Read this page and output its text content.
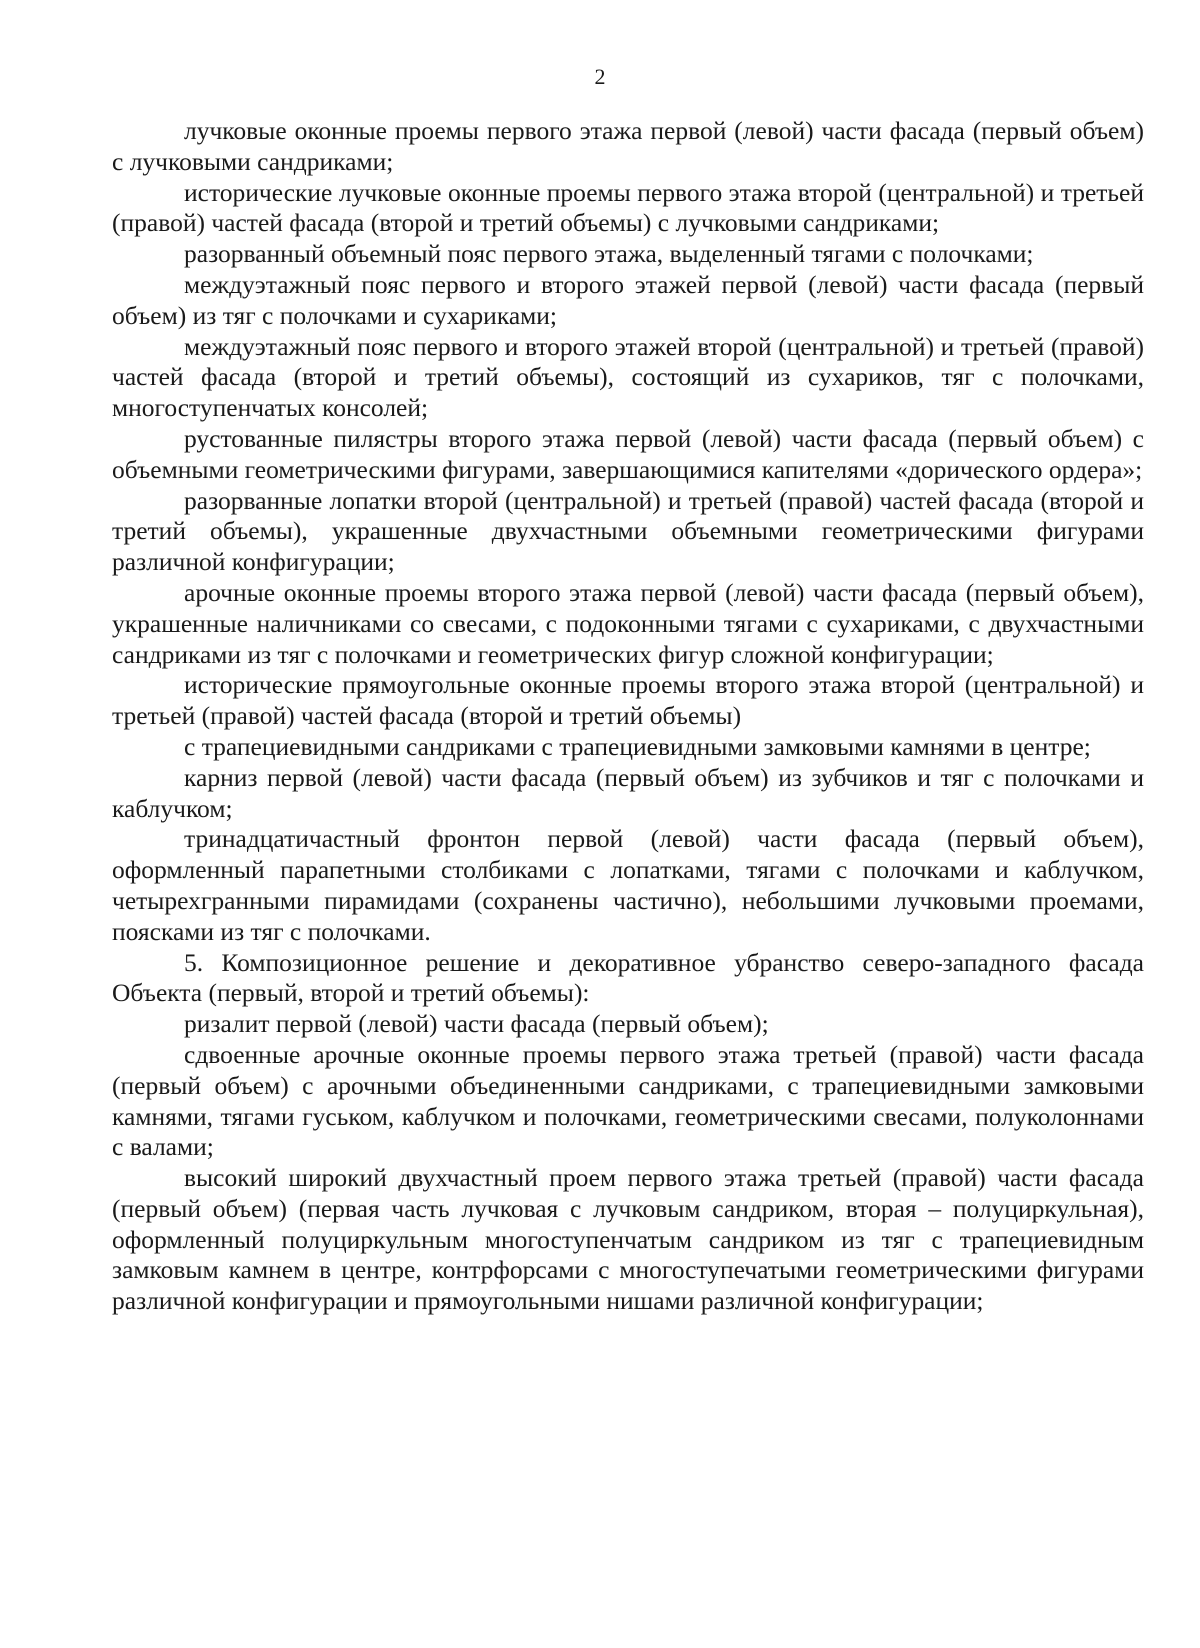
2

лучковые оконные проемы первого этажа первой (левой) части фасада (первый объем) с лучковыми сандриками;

исторические лучковые оконные проемы первого этажа второй (центральной) и третьей (правой) частей фасада (второй и третий объемы) с лучковыми сандриками;

разорванный объемный пояс первого этажа, выделенный тягами с полочками;

междуэтажный пояс первого и второго этажей первой (левой) части фасада (первый объем) из тяг с полочками и сухариками;

междуэтажный пояс первого и второго этажей второй (центральной) и третьей (правой) частей фасада (второй и третий объемы), состоящий из сухариков, тяг с полочками, многоступенчатых консолей;

рустованные пилястры второго этажа первой (левой) части фасада (первый объем) с объемными геометрическими фигурами, завершающимися капителями «дорического ордера»;

разорванные лопатки второй (центральной) и третьей (правой) частей фасада (второй и третий объемы), украшенные двухчастными объемными геометрическими фигурами различной конфигурации;

арочные оконные проемы второго этажа первой (левой) части фасада (первый объем), украшенные наличниками со свесами, с подоконными тягами с сухариками, с двухчастными сандриками из тяг с полочками и геометрических фигур сложной конфигурации;

исторические прямоугольные оконные проемы второго этажа второй (центральной) и третьей (правой) частей фасада (второй и третий объемы)

с трапециевидными сандриками с трапециевидными замковыми камнями в центре;

карниз первой (левой) части фасада (первый объем) из зубчиков и тяг с полочками и каблучком;

тринадцатичастный фронтон первой (левой) части фасада (первый объем), оформленный парапетными столбиками с лопатками, тягами с полочками и каблучком, четырехгранными пирамидами (сохранены частично), небольшими лучковыми проемами, поясками из тяг с полочками.

5. Композиционное решение и декоративное убранство северо-западного фасада Объекта (первый, второй и третий объемы):

ризалит первой (левой) части фасада (первый объем);

сдвоенные арочные оконные проемы первого этажа третьей (правой) части фасада (первый объем) с арочными объединенными сандриками, с трапециевидными замковыми камнями, тягами гуськом, каблучком и полочками, геометрическими свесами, полуколоннами с валами;

высокий широкий двухчастный проем первого этажа третьей (правой) части фасада (первый объем) (первая часть лучковая с лучковым сандриком, вторая – полуциркульная), оформленный полуциркульным многоступенчатым сандриком из тяг с трапециевидным замковым камнем в центре, контрфорсами с многоступечатыми геометрическими фигурами различной конфигурации и прямоугольными нишами различной конфигурации;
